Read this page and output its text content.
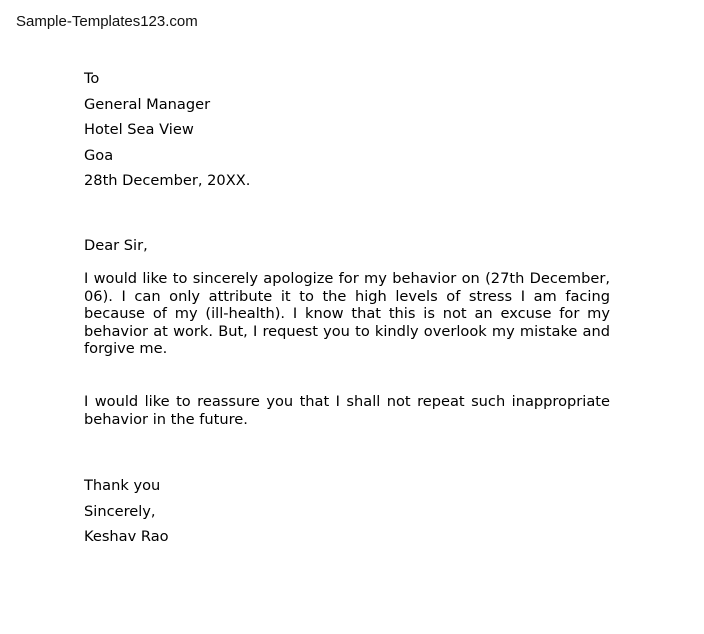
Sample-Templates123.com
To
General Manager
Hotel Sea View
Goa
28th December, 20XX.
Dear Sir,
I would like to sincerely apologize for my behavior on (27th December, 06). I can only attribute it to the high levels of stress I am facing because of my (ill-health). I know that this is not an excuse for my behavior at work. But, I request you to kindly overlook my mistake and forgive me.
I would like to reassure you that I shall not repeat such inappropriate behavior in the future.
Thank you
Sincerely,
Keshav Rao
